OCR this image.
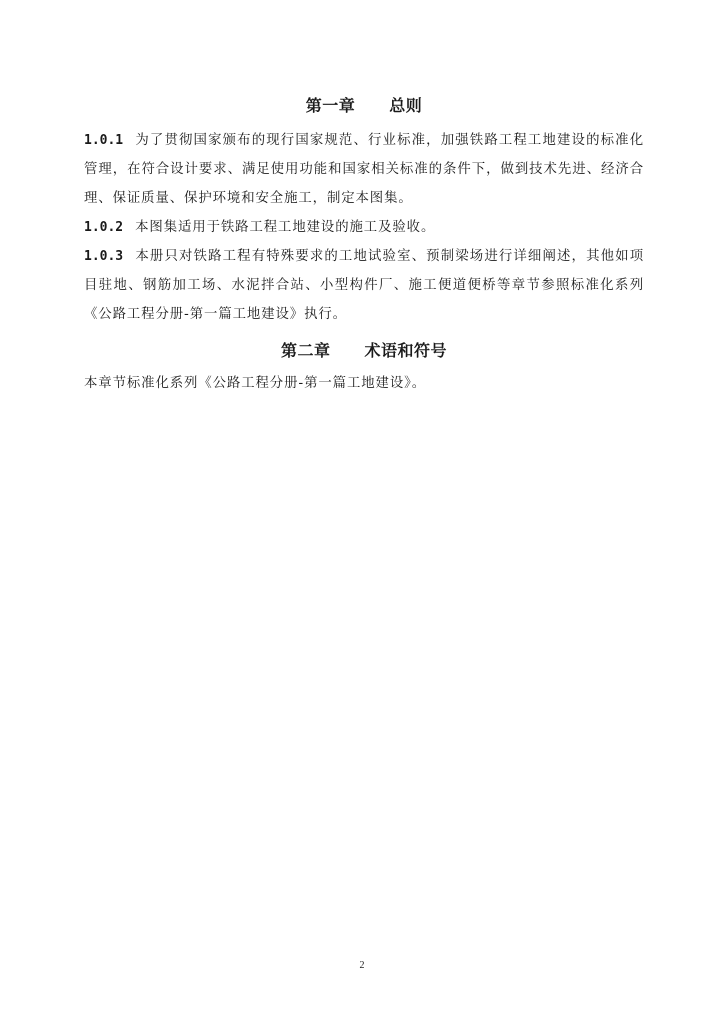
第一章 总则

1.0.1 为了贯彻国家颁布的现行国家规范、行业标准，加强铁路工程工地建设的标准化管理，在符合设计要求、满足使用功能和国家相关标准的条件下，做到技术先进、经济合理、保证质量、保护环境和安全施工，制定本图集。

1.0.2 本图集适用于铁路工程工地建设的施工及验收。

1.0.3 本册只对铁路工程有特殊要求的工地试验室、预制梁场进行详细阐述，其他如项目驻地、钢筋加工场、水泥拌合站、小型构件厂、施工便道便桥等章节参照标准化系列《公路工程分册-第一篇工地建设》执行。

第二章 术语和符号

本章节标准化系列《公路工程分册-第一篇工地建设》。

2
